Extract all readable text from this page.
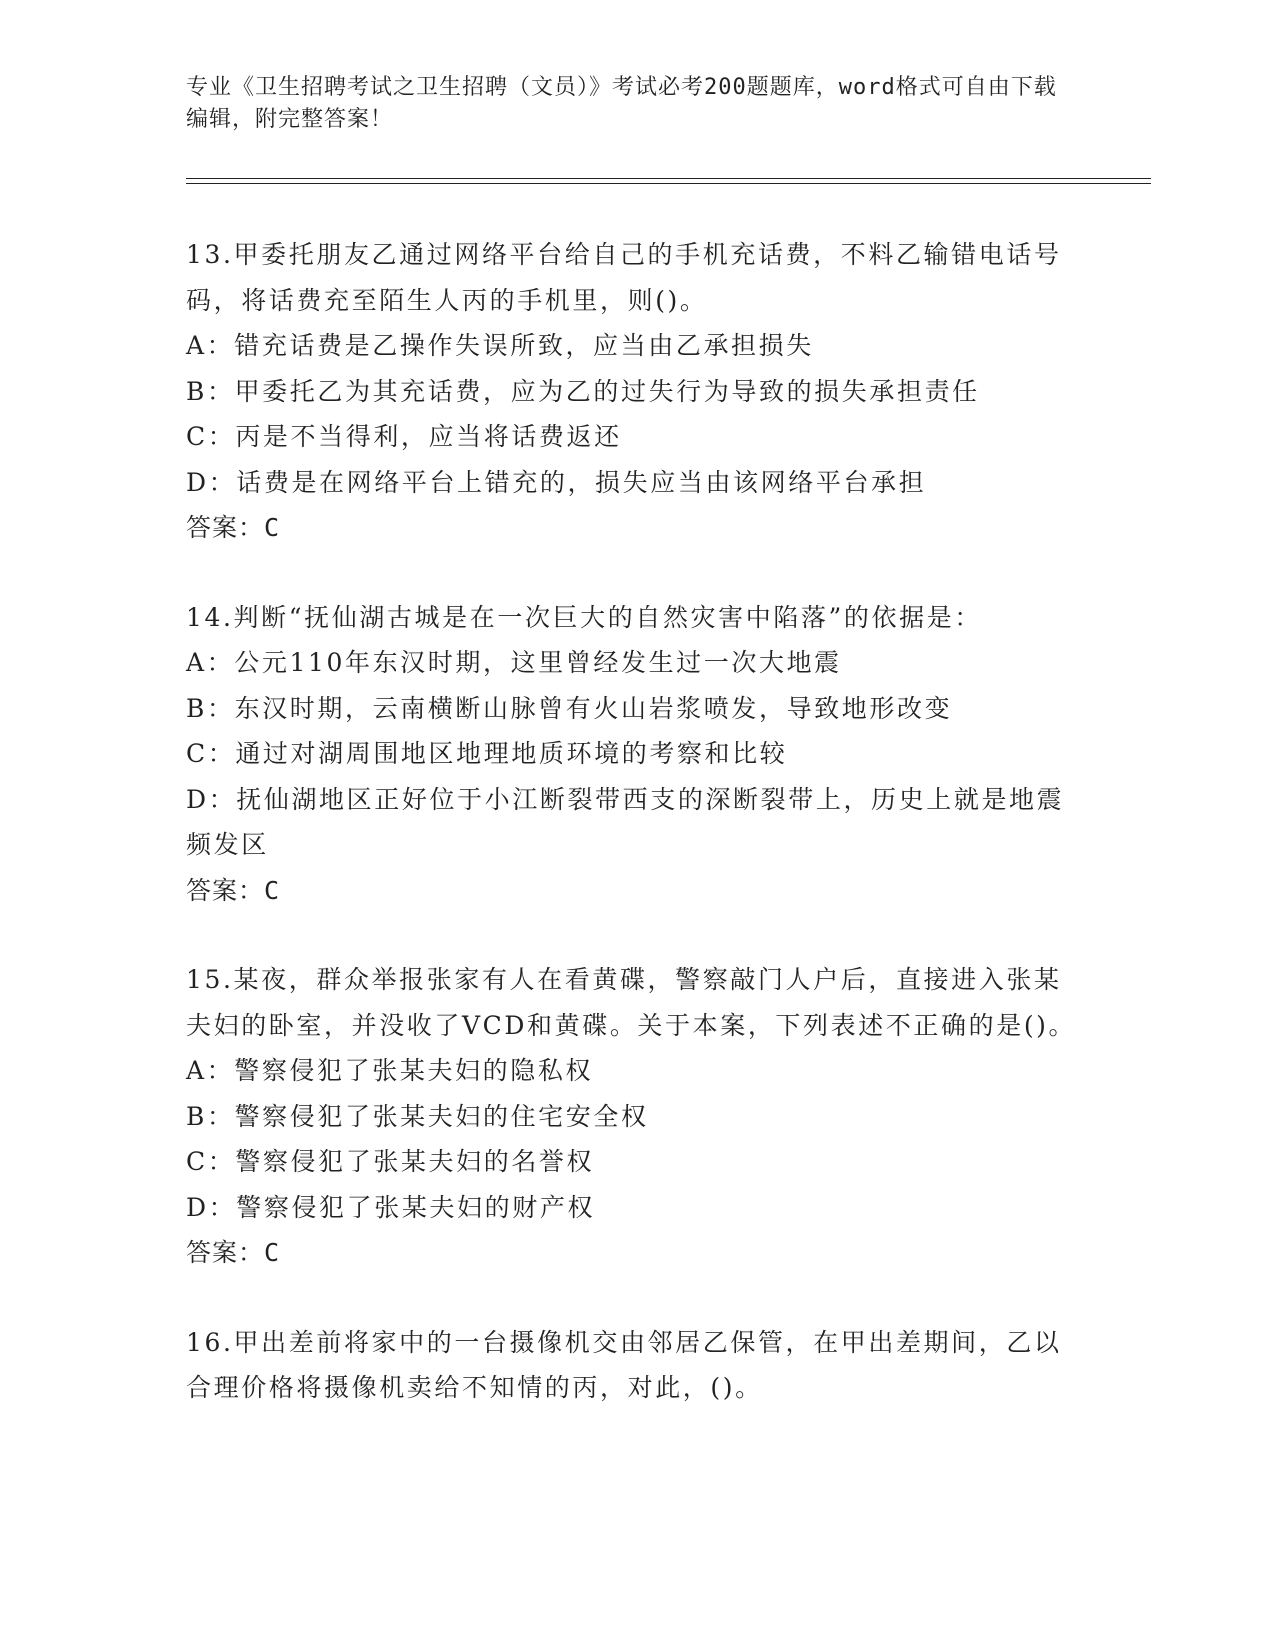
专业《卫生招聘考试之卫生招聘（文员）》考试必考200题题库，word格式可自由下载编辑，附完整答案！

13.甲委托朋友乙通过网络平台给自己的手机充话费，不料乙输错电话号码，将话费充至陌生人丙的手机里，则()。

A：错充话费是乙操作失误所致，应当由乙承担损失

B：甲委托乙为其充话费，应为乙的过失行为导致的损失承担责任

C：丙是不当得利，应当将话费返还

D：话费是在网络平台上错充的，损失应当由该网络平台承担

答案：C

14.判断“抚仙湖古城是在一次巨大的自然灾害中陷落”的依据是：

A：公元110年东汉时期，这里曾经发生过一次大地震

B：东汉时期，云南横断山脉曾有火山岩浆喷发，导致地形改变

C：通过对湖周围地区地理地质环境的考察和比较

D：抚仙湖地区正好位于小江断裂带西支的深断裂带上，历史上就是地震频发区

答案：C

15.某夜，群众举报张家有人在看黄碟，警察敲门人户后，直接进入张某夫妇的卧室，并没收了VCD和黄碟。关于本案，下列表述不正确的是()。

A：警察侵犯了张某夫妇的隐私权

B：警察侵犯了张某夫妇的住宅安全权

C：警察侵犯了张某夫妇的名誉权

D：警察侵犯了张某夫妇的财产权

答案：C

16.甲出差前将家中的一台摄像机交由邻居乙保管，在甲出差期间，乙以合理价格将摄像机卖给不知情的丙，对此，()。
